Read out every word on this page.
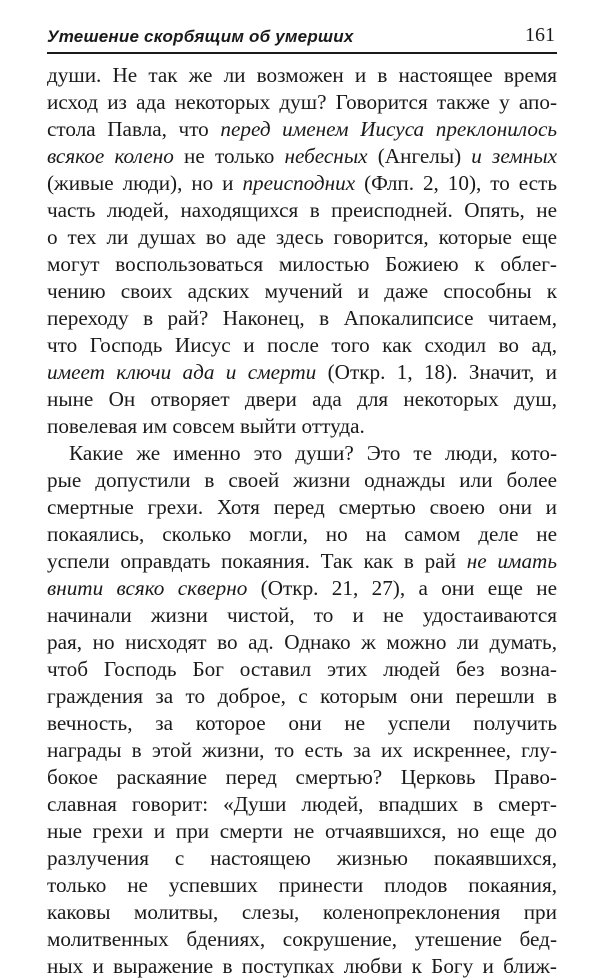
Утешение скорбящим об умерших	161
души. Не так же ли возможен и в настоящее время
исход из ада некоторых душ? Говорится также у апо-
стола Павла, что перед именем Иисуса преклонилось
всякое колено не только небесных (Ангелы) и земных
(живые люди), но и преисподних (Флп. 2, 10), то есть
часть людей, находящихся в преисподней. Опять, не
о тех ли душах во аде здесь говорится, которые еще
могут воспользоваться милостью Божиею к облег-
чению своих адских мучений и даже способны к
переходу в рай? Наконец, в Апокалипсисе читаем,
что Господь Иисус и после того как сходил во ад,
имеет ключи ада и смерти (Откр. 1, 18). Значит, и
ныне Он отворяет двери ада для некоторых душ,
повелевая им совсем выйти оттуда.
Какие же именно это души? Это те люди, кото-
рые допустили в своей жизни однажды или более
смертные грехи. Хотя перед смертью своею они и
покаялись, сколько могли, но на самом деле не
успели оправдать покаяния. Так как в рай не имать
внити всяко скверно (Откр. 21, 27), а они еще не
начинали жизни чистой, то и не удостаиваются
рая, но нисходят во ад. Однако ж можно ли думать,
чтоб Господь Бог оставил этих людей без возна-
граждения за то доброе, с которым они перешли в
вечность, за которое они не успели получить
награды в этой жизни, то есть за их искреннее, глу-
бокое раскаяние перед смертью? Церковь Право-
славная говорит: «Души людей, впадших в смерт-
ные грехи и при смерти не отчаявшихся, но еще до
разлучения с настоящею жизнью покаявшихся,
только не успевших принести плодов покаяния,
каковы молитвы, слезы, коленопреклонения при
молитвенных бдениях, сокрушение, утешение бед-
ных и выражение в поступках любви к Богу и ближ-
